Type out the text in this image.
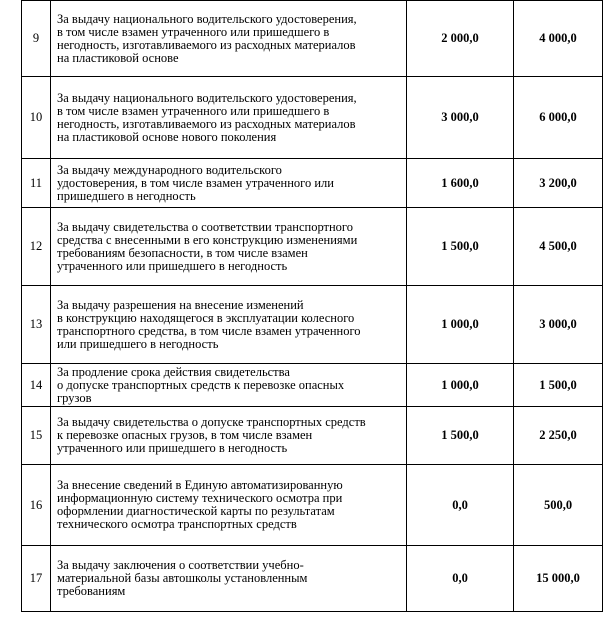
9	За выдачу национального водительского удостоверения,
в том числе взамен утраченного или пришедшего в
негодность, изготавливаемого из расходных материалов
на пластиковой основе	2 000,0	4 000,0
10	За выдачу национального водительского удостоверения,
в том числе взамен утраченного или пришедшего в
негодность, изготавливаемого из расходных материалов
на пластиковой основе нового поколения	3 000,0	6 000,0
11	За выдачу международного водительского
удостоверения, в том числе взамен утраченного или
пришедшего в негодность	1 600,0	3 200,0
12	За выдачу свидетельства о соответствии транспортного
средства с внесенными в его конструкцию изменениями
требованиям безопасности, в том числе взамен
утраченного или пришедшего в негодность	1 500,0	4 500,0
13	За выдачу разрешения на внесение изменений
в конструкцию находящегося в эксплуатации колесного
транспортного средства, в том числе взамен утраченного
или пришедшего в негодность	1 000,0	3 000,0
14	За продление срока действия свидетельства
о допуске транспортных средств к перевозке опасных
грузов	1 000,0	1 500,0
15	За выдачу свидетельства о допуске транспортных средств
к перевозке опасных грузов, в том числе взамен
утраченного или пришедшего в негодность	1 500,0	2 250,0
16	За внесение сведений в Единую автоматизированную
информационную систему технического осмотра при
оформлении диагностической карты по результатам
технического осмотра транспортных средств	0,0	500,0
17	За выдачу заключения о соответствии учебно-
материальной базы автошколы установленным
требованиям	0,0	15 000,0
